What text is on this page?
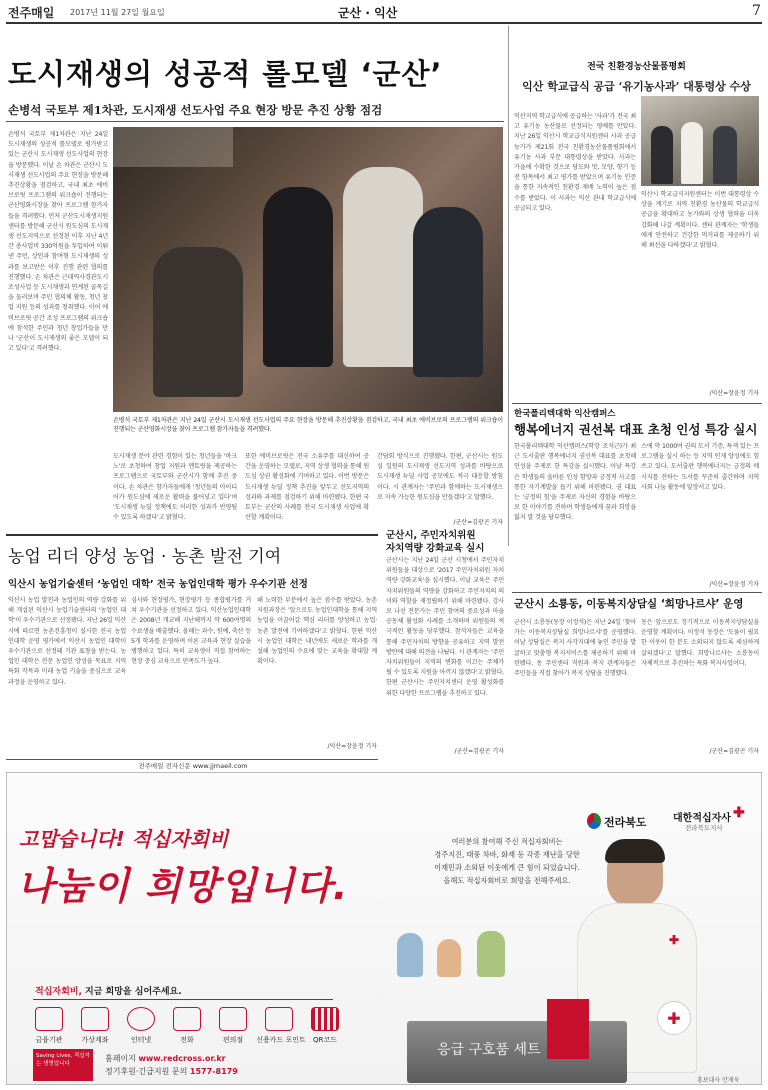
전주매일 2017년 11월 27일 월요일	군산 · 익산	7
도시재생의 성공적 롤모델 ‘군산’
손병석 국토부 제1차관, 도시재생 선도사업 주요 현장 방문 추진 상황 점검
손병석 국토부 제1차관은 지난 24일 도시재생의 성공적 롤모델로 평가받고 있는 군산시 도시재생 선도사업의 현장을 방문했다. 이날 손 차관은 군산시 도시재생 선도사업의 주요 현장을 방문해 추진상황을 점검하고, 국내 최초 에비브로릿 프로그램의 위크숍이 진행되는 군산영화시장을 찾아 프로그램 참가자들을 격려했다. 먼저 군산도시재생지원센터를 방문해 군산시 원도심의 도시재생 선도지역으로 선정된 이후 지난 4년간 총사업비 330억원을 투입하여 이뤄낸 주민, 상인과 참여형 도시재생의 성과를 보고받은 이후 진행 관련 협의를 진행했다. 손 차관은 근대역사경관도시 조성사업 등 도시재생과 연계된 골목길을 둘러보며 주민 협의체 활동, 청년 창업 지원 등의 성과를 청취했다. 이어 에비브로릿 공간 조성 프로그램의 위크숍에 참석한 주민과 청년 창업가들을 만나 '군산이 도시재생의 좋은 모델이 되고 있다'고 격려했다.
손병석 국토부 제1차관은 지난 24일 군산시 도시재생 선도사업의 주요 현장을 방문해 추진상황을 점검하고, 국내 최초 에비브로의 프로그램의 위크숍이 진행되는 군산영화시장을 찾아 프로그램 참가자들을 격려했다.
도시재생 분야 관련 경험이 있는 청년들을 '바크노'로 초청하여 창업 지원과 멘토링을 제공하는 프로그램으로 국토부와 군산시가 함께 추진 중이다. 손 차관은 참가자들에게 '청년들의 아이디어가 원도심에 새로운 활력을 불어넣고 있다'며 '도시재생 뉴딜 정책에도 이러한 성과가 반영될 수 있도록 하겠다'고 밝혔다.
또한 에비브로릿은 전국 소유주를 대신하여 공간을 운영하는 모델로, 지역 상생 협력을 통해 원도심 상권 활성화에 기여하고 있다. 이번 방문은 도시재생 뉴딜 정책 추진을 앞두고 선도지역의 성과와 과제를 점검하기 위해 마련됐다. 한편 국토부는 군산의 사례를 전국 도시재생 사업에 확산할 계획이다.
간담회 방식으로 진행됐다. 한편, 군산시는 원도심 일원의 도시재생 선도지역 성과를 바탕으로 도시재생 뉴딜 사업 공모에도 적극 대응할 방침이다. 시 관계자는 '주민과 함께하는 도시재생으로 지속 가능한 원도심을 만들겠다'고 말했다.
/군산=김광곤 기자
전국 친환경농산물품평회
익산 학교급식 공급 ‘유기농사과’ 대통령상 수상
익산지역 학교급식에 공급하는 '사과'가 전국 최고 유기농 농산물로 선정되는 영예를 안았다. 지난 26일 익산시 학교급식지원센터 사과 공급 농가가 제21회 전국 친환경농산물품평회에서 유기농 사과 부문 대통령상을 받았다. 사과는 가을에 수확한 것으로 당도와 맛, 모양, 향기 등 전 항목에서 최고 평가를 받았으며 유기농 인증을 통한 지속적인 친환경 재배 노력이 높은 점수를 받았다. 이 사과는 익산 관내 학교급식에 공급되고 있다.
익산시 학교급식지원센터는 이번 대통령상 수상을 계기로 지역 친환경 농산물의 학교급식 공급을 확대하고 농가와의 상생 협력을 더욱 강화해 나갈 계획이다. 센터 관계자는 '학생들에게 안전하고 건강한 먹거리를 제공하기 위해 최선을 다하겠다'고 밝혔다.
/익산=장윤정 기자
한국폴리텍대학 익산캠퍼스
행복에너지 권선복 대표 초청 인성 특강 실시
한국폴리텍대학 익산캠퍼스(학장 조석근)가 최근 도서출판 행복에너지 권선복 대표를 초청해 인성을 주제로 한 특강을 실시했다. 이날 특강은 학생들의 올바른 인성 함양과 긍정적 사고를 통한 자기계발을 돕기 위해 마련됐다. 권 대표는 '긍정의 힘'을 주제로 자신의 경험을 바탕으로 한 이야기를 전하며 학생들에게 꿈과 희망을 잃지 말 것을 당부했다.
스에 약 1000여 권의 도서 기증, 특색 있는 프로그램을 실시 하는 등 지역 인재 양성에도 힘쓰고 있다. 도서출판 행복에너지는 긍정의 메시지를 전하는 도서를 꾸준히 출간하며 지역사회 나눔 활동에 앞장서고 있다.
/익산=장윤정 기자
군산시, 주민자치위원
자치역량 강화교육 실시
군산시는 지난 24일 군산 시청에서 주민자치위원들을 대상으로 '2017 주민자치위원 자치역량 강화교육'을 실시했다. 이날 교육은 주민자치위원들의 역량을 강화하고 주민자치의 의미와 역할을 재정립하기 위해 마련됐다. 강사로 나선 전문가는 주민 참여의 중요성과 마을 공동체 활성화 사례를 소개하며 위원들의 적극적인 활동을 당부했다. 참석자들은 교육을 통해 주민자치의 방향을 공유하고 지역 발전 방안에 대해 의견을 나눴다. 시 관계자는 '주민자치위원들이 지역의 변화를 이끄는 주체가 될 수 있도록 지원을 아끼지 않겠다'고 밝혔다. 한편 군산시는 주민자치센터 운영 활성화를 위한 다양한 프로그램을 추진하고 있다.
/군산=김광곤 기자
군산시 소룡동, 이동복지상담실 ‘희망나르샤’ 운영
군산시 소룡동(동장 이정석)은 지난 24일 '찾아가는 이동복지상담실 희망나르샤'를 운영했다. 이날 상담실은 복지 사각지대에 놓인 주민을 발굴하고 맞춤형 복지서비스를 제공하기 위해 마련됐다. 동 주민센터 직원과 복지 관계자들은 주민들을 직접 찾아가 복지 상담을 진행했다.
동은 앞으로도 정기적으로 이동복지상담실을 운영할 계획이다. 이정석 동장은 '도움이 필요한 이웃이 한 분도 소외되지 않도록 세심하게 살피겠다'고 말했다. 희망나르샤는 소룡동이 자체적으로 추진하는 특화 복지사업이다.
/군산=김광곤 기자
농업 리더 양성 농업 · 농촌 발전 기여
익산시 농업기술센터 ‘농업인 대학’ 전국 농업인대학 평가 우수기관 선정
익산시 농업 발전과 농업인의 역량 강화를 위해 개설된 익산시 농업기술센터의 '농업인 대학'이 우수기관으로 선정됐다. 지난 26일 익산시에 따르면 농촌진흥청이 실시한 전국 농업인대학 운영 평가에서 익산시 농업인 대학이 우수기관으로 선정돼 기관 표창을 받는다. 농업인 대학은 전문 농업인 양성을 목표로 지역 특화 작목과 미래 농업 기술을 중심으로 교육 과정을 운영하고 있다.
심사와 현장평가, 현장평가 등 종합평가를 거쳐 우수기관을 선정하고 있다. 익산농업인대학은 2008년 개교해 지난해까지 약 600여명의 수료생을 배출했다. 올해는 과수, 원예, 축산 등 5개 학과를 운영하며 이론 교육과 현장 실습을 병행하고 있다. 특히 교육생이 직접 참여하는 현장 중심 교육으로 만족도가 높다.
해 노력한 부분에서 높은 점수를 받았다. 농촌지원과장은 '앞으로도 농업인대학을 통해 지역 농업을 이끌어갈 핵심 리더를 양성하고 농업·농촌 발전에 기여하겠다'고 밝혔다. 한편 익산시 농업인 대학은 내년에도 새로운 학과를 개설해 농업인의 수요에 맞는 교육을 확대할 계획이다.
/익산=장윤정 기자
전주매일 전자신문 www.jjmaeil.com
전라북도	대한적십자사 ✚
전라북도지사
고맙습니다! 적십자회비
나눔이 희망입니다.
여러분의 참여해 주신 적십자회비는
경주지진, 태풍 차바, 화재 등 각종 재난을 당한
이재민과 소외된 이웃에게 큰 힘이 되었습니다.
올해도 적십자회비로 희망을 전해주세요.
적십자회비, 지금 희망을 심어주세요.
금융기관	가상계좌	인터넷	전화	편의점	신용카드 포인트	QR코드
Saving Lives, 적십자는 생명입니다
홈페이지 www.redcross.or.kr
정기후원·긴급지원 문의 1577-8179
✚
응급 구호품 세트
✚
홍보대사 안재욱
